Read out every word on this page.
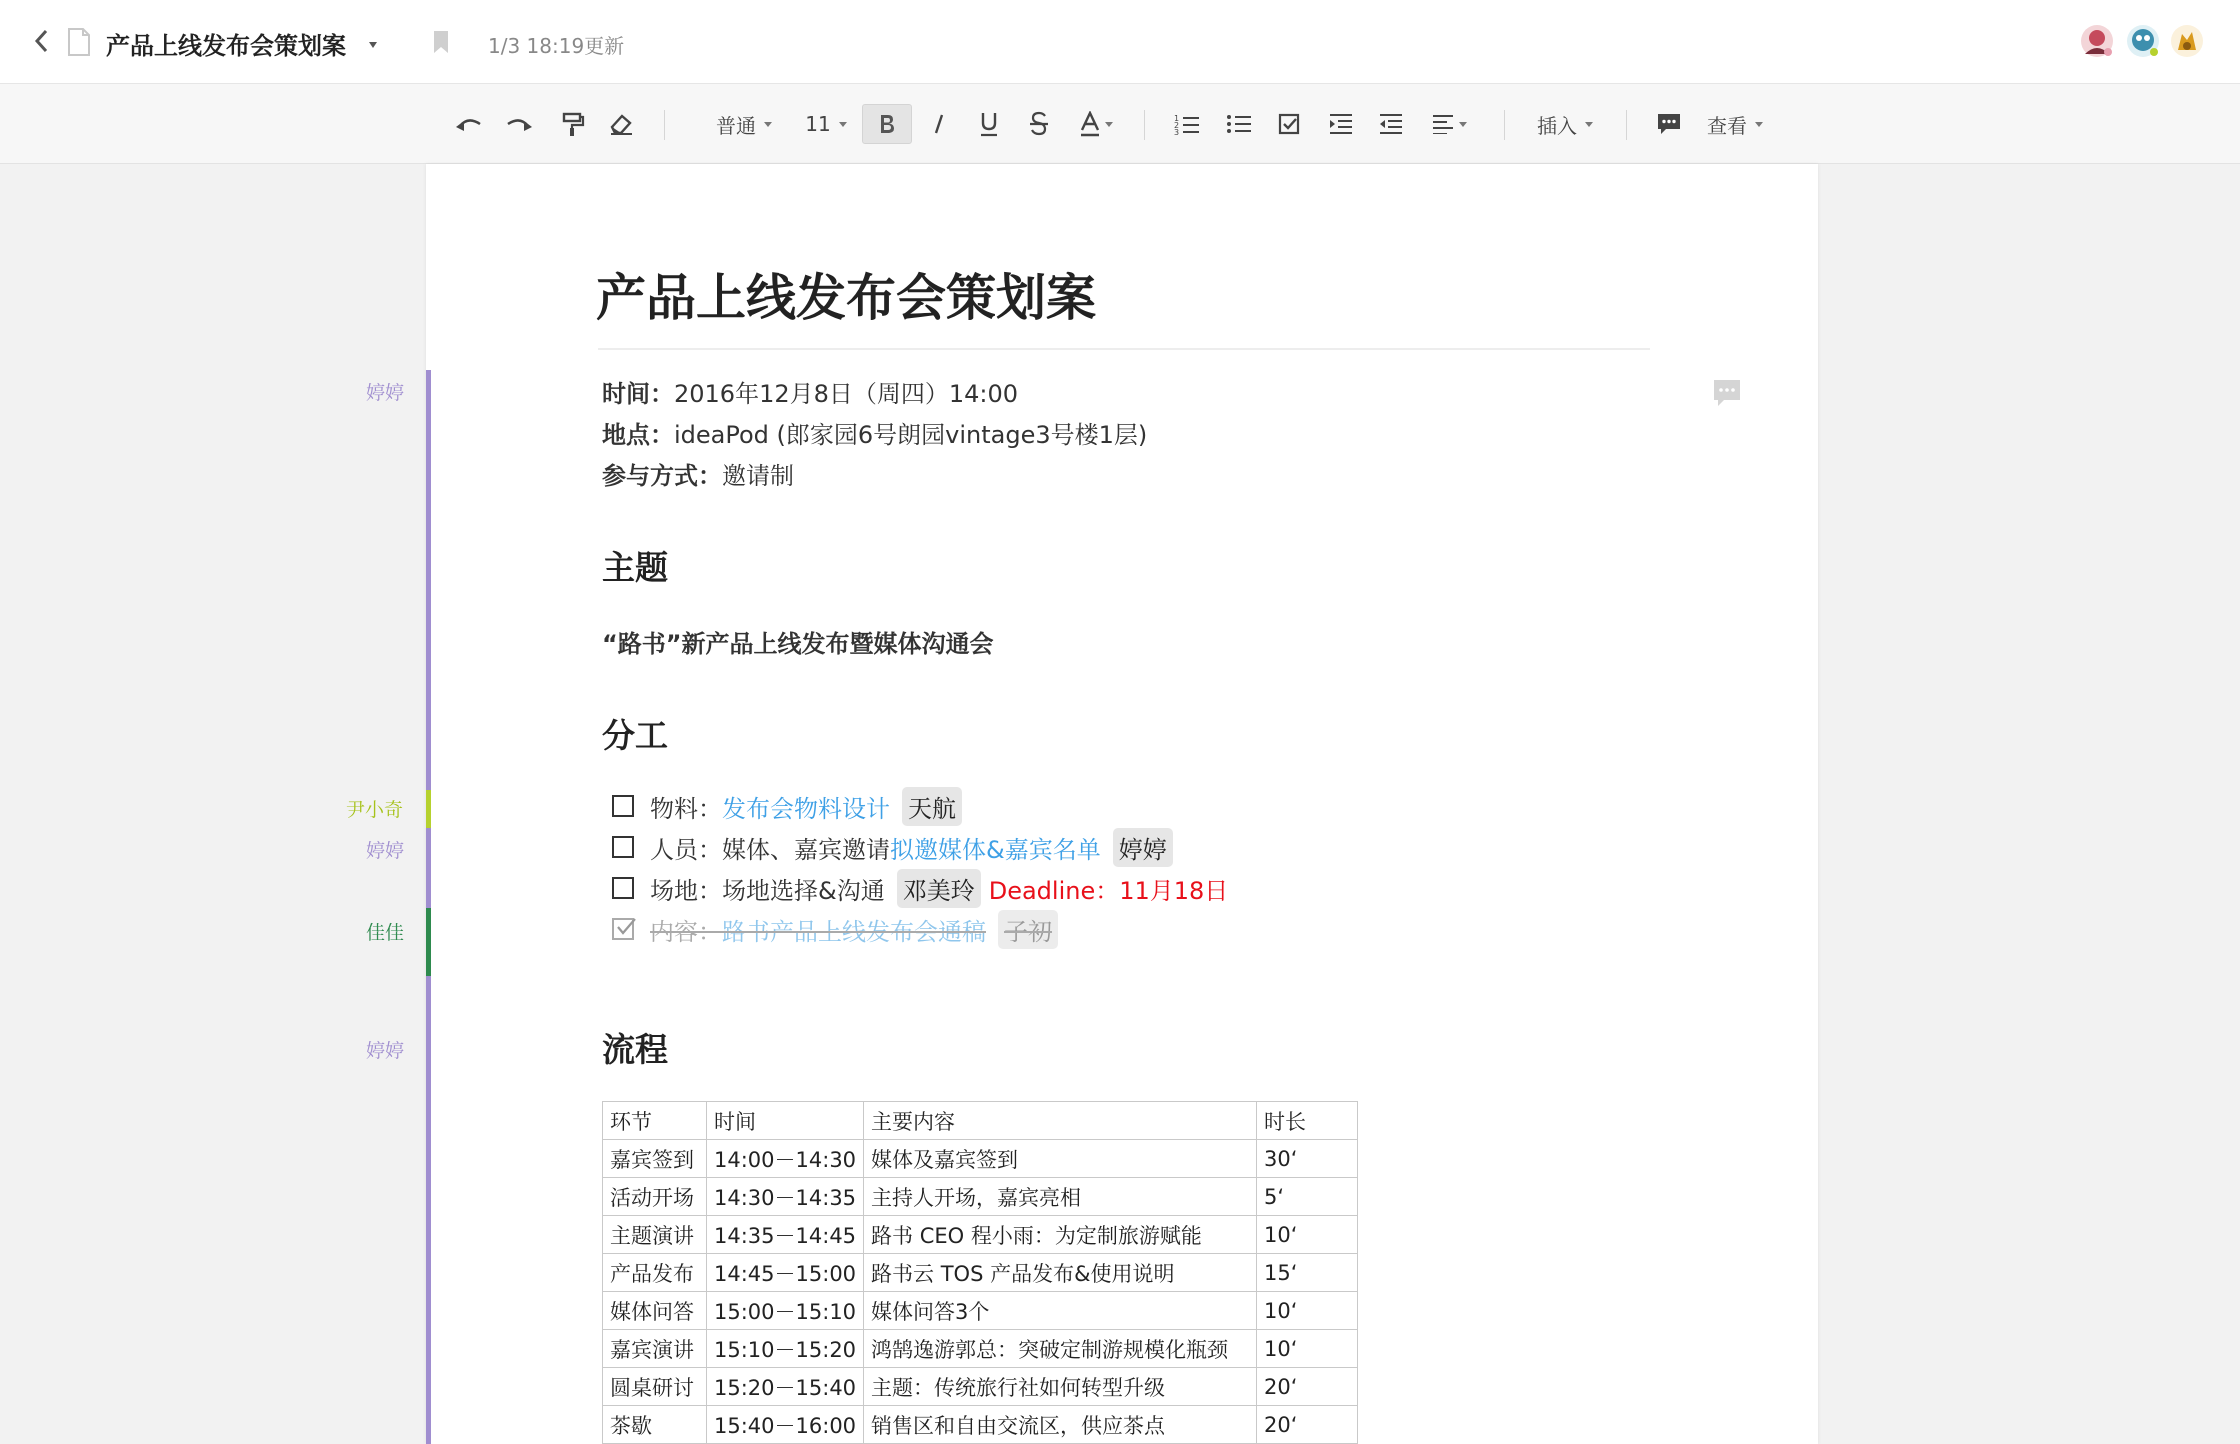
产品上线发布会策划案	1/3 18:19更新
普通 11	1
2
3	插入	查看
婷婷
尹小奇
婷婷
佳佳
婷婷
产品上线发布会策划案
时间：2016年12月8日（周四）14:00
地点：ideaPod (郎家园6号朗园vintage3号楼1层)
参与方式：邀请制
主题
“路书”新产品上线发布暨媒体沟通会
分工
物料： 发布会物料设计 天航
人员： 媒体、嘉宾邀请 拟邀媒体&嘉宾名单 婷婷
场地： 场地选择&沟通 邓美玲 Deadline：11月18日
内容： 路书产品上线发布会通稿 子初
流程
环节	时间	主要内容	时长
嘉宾签到	14:00－14:30	媒体及嘉宾签到	30‘
活动开场	14:30－14:35	主持人开场，嘉宾亮相	5‘
主题演讲	14:35－14:45	路书 CEO 程小雨：为定制旅游赋能	10‘
产品发布	14:45－15:00	路书云 TOS 产品发布&使用说明	15‘
媒体问答	15:00－15:10	媒体问答3个	10‘
嘉宾演讲	15:10－15:20	鸿鹄逸游郭总：突破定制游规模化瓶颈	10‘
圆桌研讨	15:20－15:40	主题：传统旅行社如何转型升级	20‘
茶歇	15:40－16:00	销售区和自由交流区，供应茶点	20‘
